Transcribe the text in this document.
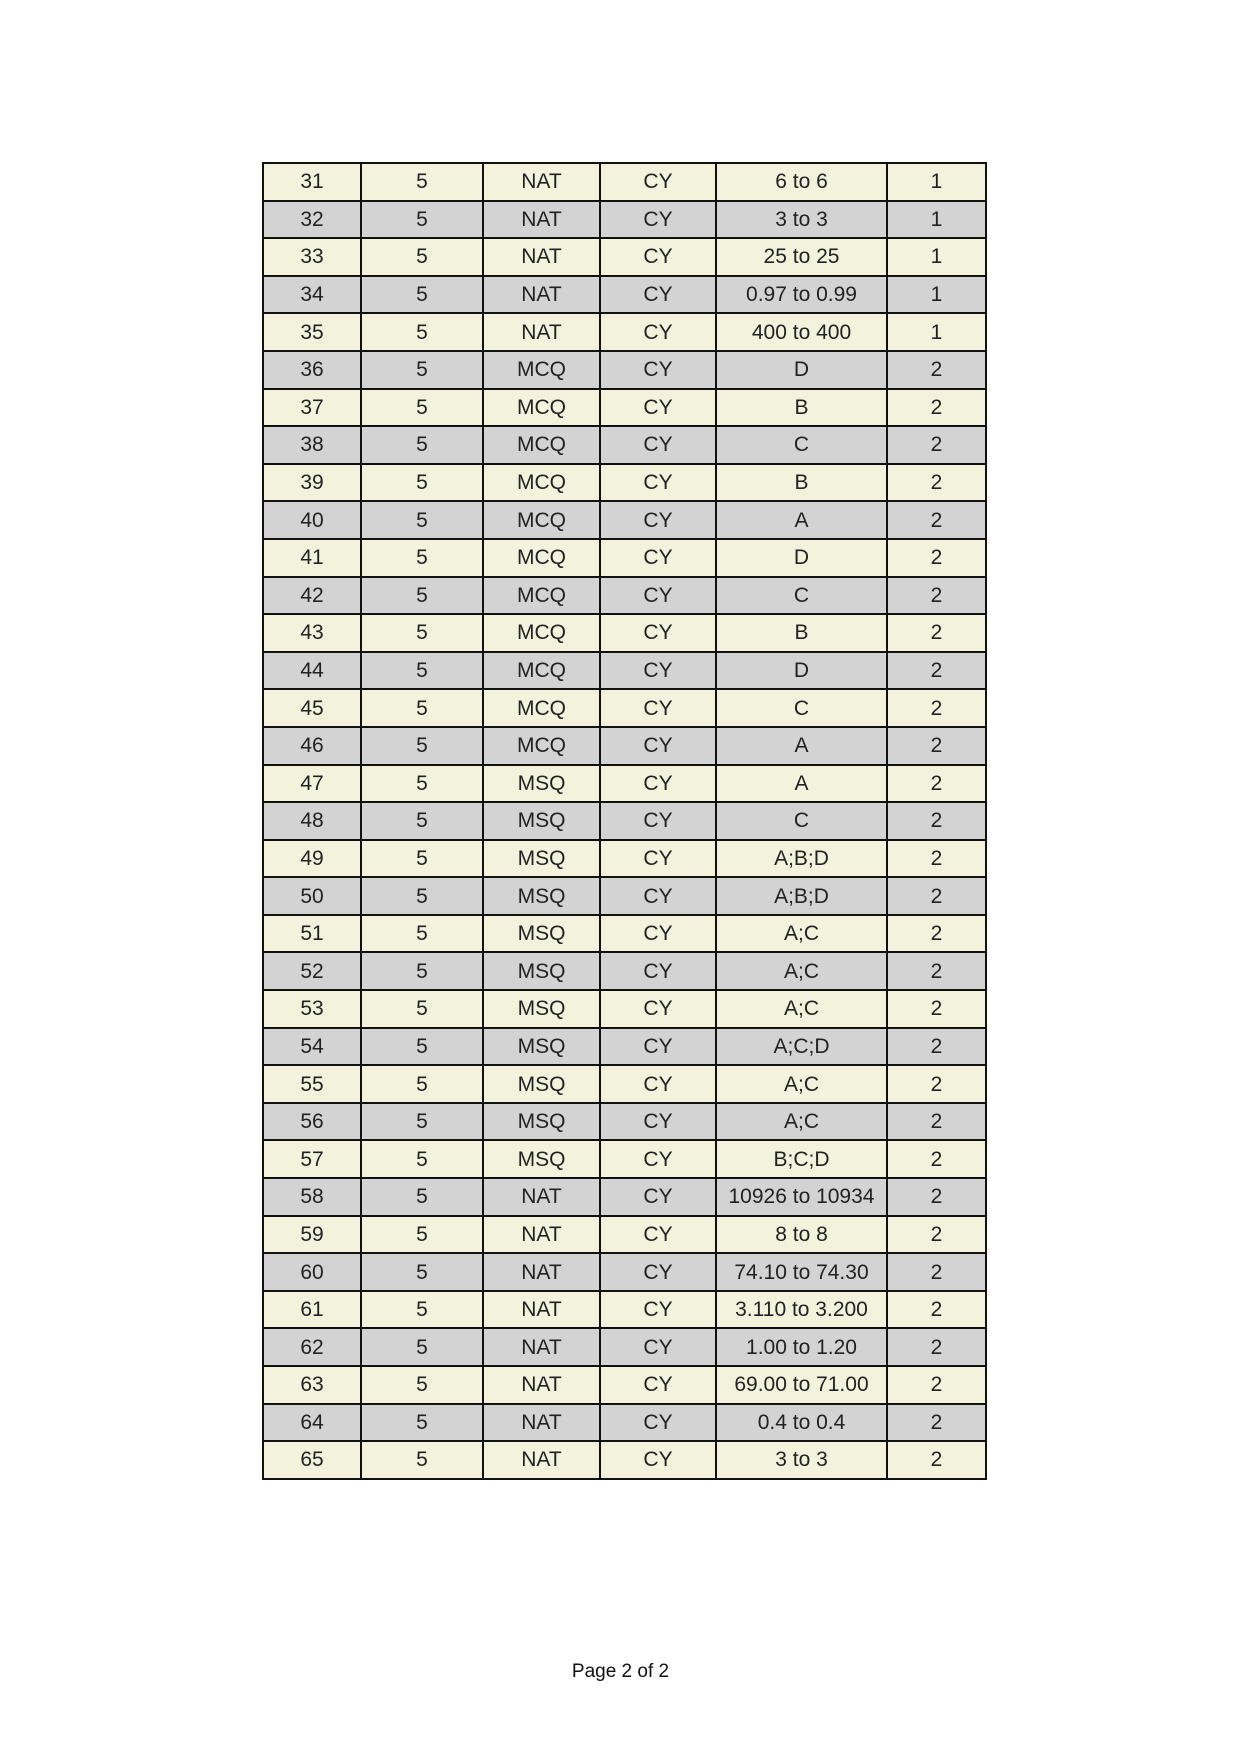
31	5	NAT	CY	6 to 6	1
32	5	NAT	CY	3 to 3	1
33	5	NAT	CY	25 to 25	1
34	5	NAT	CY	0.97 to 0.99	1
35	5	NAT	CY	400 to 400	1
36	5	MCQ	CY	D	2
37	5	MCQ	CY	B	2
38	5	MCQ	CY	C	2
39	5	MCQ	CY	B	2
40	5	MCQ	CY	A	2
41	5	MCQ	CY	D	2
42	5	MCQ	CY	C	2
43	5	MCQ	CY	B	2
44	5	MCQ	CY	D	2
45	5	MCQ	CY	C	2
46	5	MCQ	CY	A	2
47	5	MSQ	CY	A	2
48	5	MSQ	CY	C	2
49	5	MSQ	CY	A;B;D	2
50	5	MSQ	CY	A;B;D	2
51	5	MSQ	CY	A;C	2
52	5	MSQ	CY	A;C	2
53	5	MSQ	CY	A;C	2
54	5	MSQ	CY	A;C;D	2
55	5	MSQ	CY	A;C	2
56	5	MSQ	CY	A;C	2
57	5	MSQ	CY	B;C;D	2
58	5	NAT	CY	10926 to 10934	2
59	5	NAT	CY	8 to 8	2
60	5	NAT	CY	74.10 to 74.30	2
61	5	NAT	CY	3.110 to 3.200	2
62	5	NAT	CY	1.00 to 1.20	2
63	5	NAT	CY	69.00 to 71.00	2
64	5	NAT	CY	0.4 to 0.4	2
65	5	NAT	CY	3 to 3	2
Page 2 of 2
